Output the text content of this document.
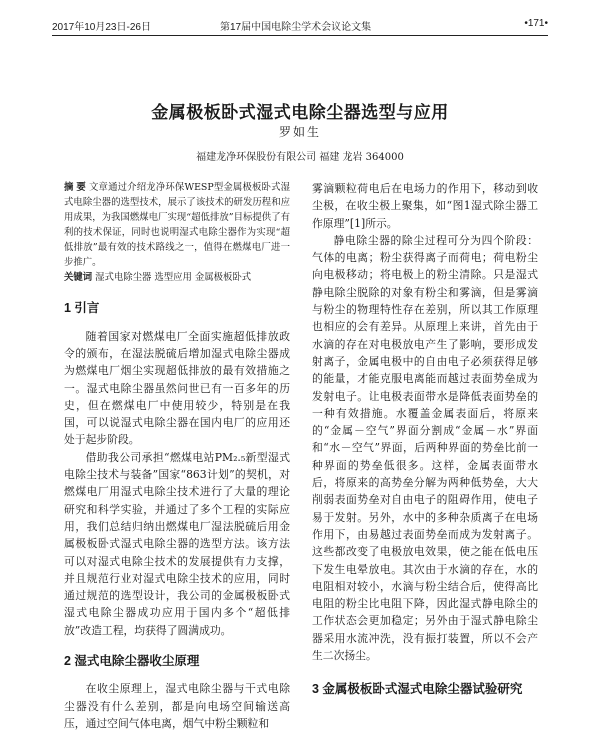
2017年10月23日-26日	第17届中国电除尘学术会议论文集	•171•
金属极板卧式湿式电除尘器选型与应用
罗如生
福建龙净环保股份有限公司 福建 龙岩 364000

摘 要 文章通过介绍龙净环保WESP型金属极板卧式湿式电除尘器的选型技术，展示了该技术的研发历程和应用成果，为我国燃煤电厂实现“超低排放”目标提供了有利的技术保证，同时也说明湿式电除尘器作为实现“超低排放”最有效的技术路线之一，值得在燃煤电厂进一步推广。

关键词 湿式电除尘器 选型应用 金属极板卧式

1 引言

随着国家对燃煤电厂全面实施超低排放政令的颁布，在湿法脱硫后增加湿式电除尘器成为燃煤电厂烟尘实现超低排放的最有效措施之一。湿式电除尘器虽然问世已有一百多年的历史，但在燃煤电厂中使用较少，特别是在我国，可以说湿式电除尘器在国内电厂的应用还处于起步阶段。

借助我公司承担“燃煤电站PM₂.₅新型湿式电除尘技术与装备”国家“863计划”的契机，对燃煤电厂用湿式电除尘技术进行了大量的理论研究和科学实验，并通过了多个工程的实际应用，我们总结归纳出燃煤电厂湿法脱硫后用金属极板卧式湿式电除尘器的选型方法。该方法可以对湿式电除尘技术的发展提供有力支撑，并且规范行业对湿式电除尘技术的应用，同时通过规范的选型设计，我公司的金属极板卧式湿式电除尘器成功应用于国内多个“超低排放”改造工程，均获得了圆满成功。

2 湿式电除尘器收尘原理

在收尘原理上，湿式电除尘器与干式电除尘器没有什么差别，都是向电场空间输送高压，通过空间气体电离，烟气中粉尘颗粒和

雾滴颗粒荷电后在电场力的作用下，移动到收尘极，在收尘极上聚集，如“图1湿式除尘器工作原理”[1]所示。

静电除尘器的除尘过程可分为四个阶段：气体的电离；粉尘获得离子而荷电；荷电粉尘向电极移动；将电极上的粉尘清除。只是湿式静电除尘脱除的对象有粉尘和雾滴，但是雾滴与粉尘的物理特性存在差别，所以其工作原理也相应的会有差异。从原理上来讲，首先由于水滴的存在对电极放电产生了影响，要形成发射离子，金属电极中的自由电子必须获得足够的能量，才能克服电离能而越过表面势垒成为发射电子。让电极表面带水是降低表面势垒的一种有效措施。水覆盖金属表面后，将原来的“金属－空气”界面分割成“金属－水”界面和“水－空气”界面，后两种界面的势垒比前一种界面的势垒低很多。这样，金属表面带水后，将原来的高势垒分解为两种低势垒，大大削弱表面势垒对自由电子的阻碍作用，使电子易于发射。另外，水中的多种杂质离子在电场作用下，由易越过表面势垒而成为发射离子。这些都改变了电极放电效果，使之能在低电压下发生电晕放电。其次由于水滴的存在，水的电阻相对较小，水滴与粉尘结合后，使得高比电阻的粉尘比电阻下降，因此湿式静电除尘的工作状态会更加稳定；另外由于湿式静电除尘器采用水流冲洗，没有振打装置，所以不会产生二次扬尘。

3 金属极板卧式湿式电除尘器试验研究
